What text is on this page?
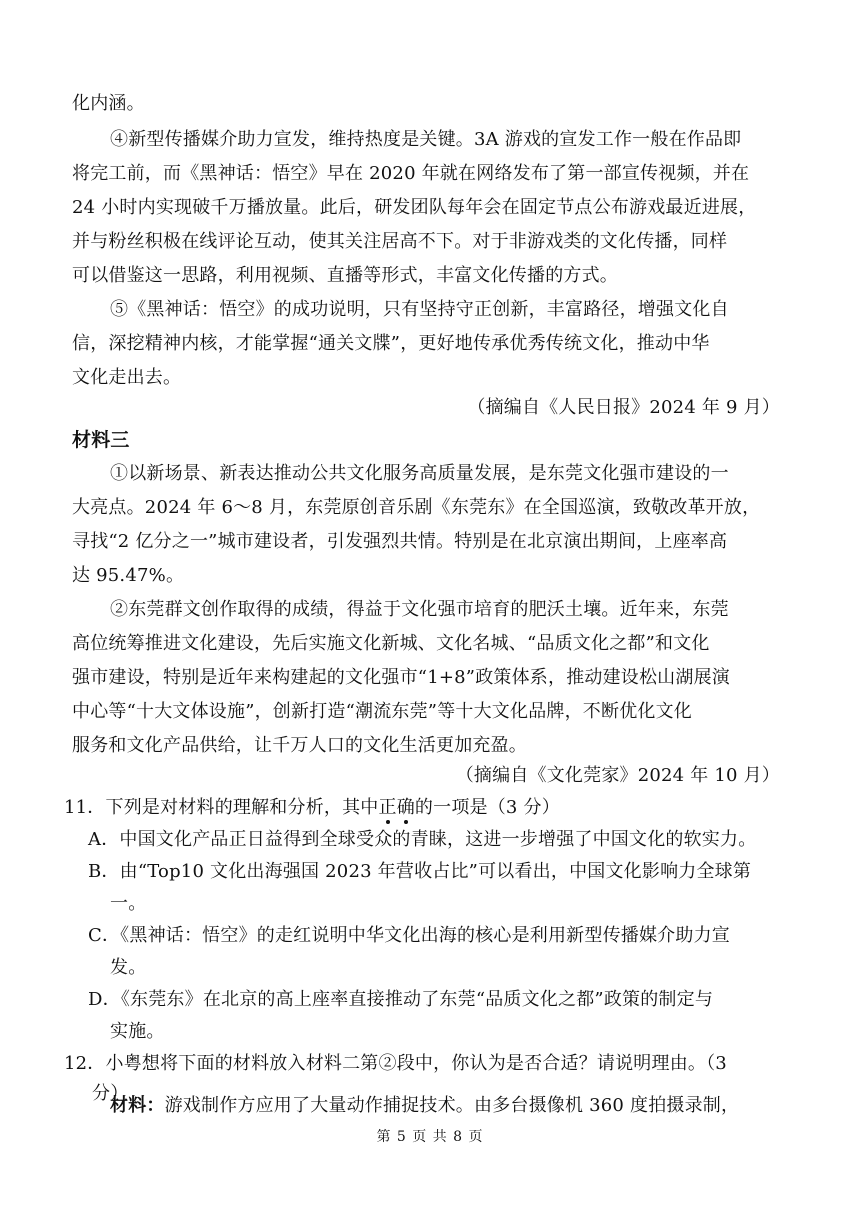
化内涵。
④新型传播媒介助力宣发，维持热度是关键。3A 游戏的宣发工作一般在作品即
将完工前，而《黑神话：悟空》早在 2020 年就在网络发布了第一部宣传视频，并在
24 小时内实现破千万播放量。此后，研发团队每年会在固定节点公布游戏最近进展，
并与粉丝积极在线评论互动，使其关注居高不下。对于非游戏类的文化传播，同样
可以借鉴这一思路，利用视频、直播等形式，丰富文化传播的方式。
⑤《黑神话：悟空》的成功说明，只有坚持守正创新，丰富路径，增强文化自
信，深挖精神内核，才能掌握“通关文牒”，更好地传承优秀传统文化，推动中华
文化走出去。
（摘编自《人民日报》2024 年 9 月）
材料三
①以新场景、新表达推动公共文化服务高质量发展，是东莞文化强市建设的一
大亮点。2024 年 6～8 月，东莞原创音乐剧《东莞东》在全国巡演，致敬改革开放，
寻找“2 亿分之一”城市建设者，引发强烈共情。特别是在北京演出期间，上座率高
达 95.47%。
②东莞群文创作取得的成绩，得益于文化强市培育的肥沃土壤。近年来，东莞
高位统筹推进文化建设，先后实施文化新城、文化名城、“品质文化之都”和文化
强市建设，特别是近年来构建起的文化强市“1+8”政策体系，推动建设松山湖展演
中心等“十大文体设施”，创新打造“潮流东莞”等十大文化品牌，不断优化文化
服务和文化产品供给，让千万人口的文化生活更加充盈。
（摘编自《文化莞家》2024 年 10 月）
11．下列是对材料的理解和分析，其中正确的一项是（3 分）
A．中国文化产品正日益得到全球受众的青睐，这进一步增强了中国文化的软实力。
B．由“Top10 文化出海强国 2023 年营收占比”可以看出，中国文化影响力全球第
一。
C．《黑神话：悟空》的走红说明中华文化出海的核心是利用新型传播媒介助力宣
发。
D．《东莞东》在北京的高上座率直接推动了东莞“品质文化之都”政策的制定与
实施。
12．小粤想将下面的材料放入材料二第②段中，你认为是否合适？请说明理由。（3
分）
材料：游戏制作方应用了大量动作捕捉技术。由多台摄像机 360 度拍摄录制，
第 5 页 共 8 页
